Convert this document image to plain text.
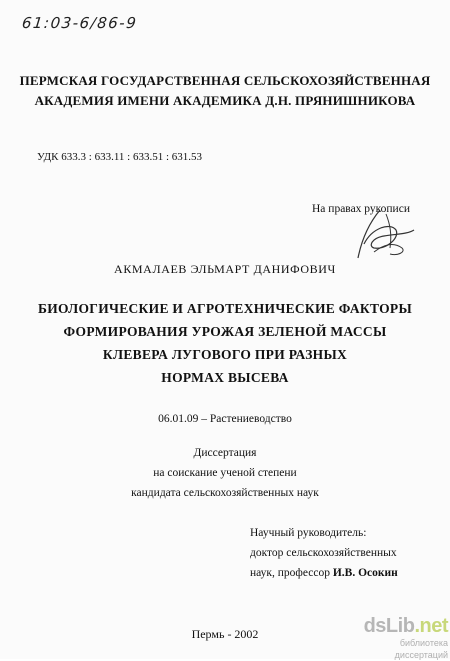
61:03-6/86-9
ПЕРМСКАЯ ГОСУДАРСТВЕННАЯ СЕЛЬСКОХОЗЯЙСТВЕННАЯ
АКАДЕМИЯ ИМЕНИ АКАДЕМИКА Д.Н. ПРЯНИШНИКОВА
УДК 633.3 : 633.11 : 633.51 : 631.53
На правах рукописи
АКМАЛАЕВ ЭЛЬМАРТ ДАНИФОВИЧ
БИОЛОГИЧЕСКИЕ И АГРОТЕХНИЧЕСКИЕ ФАКТОРЫ
ФОРМИРОВАНИЯ УРОЖАЯ ЗЕЛЕНОЙ МАССЫ
КЛЕВЕРА ЛУГОВОГО ПРИ РАЗНЫХ
НОРМАХ ВЫСЕВА
06.01.09 – Растениеводство
Диссертация
на соискание ученой степени
кандидата сельскохозяйственных наук
Научный руководитель:
доктор сельскохозяйственных
наук, профессор И.В. Осокин
Пермь - 2002	dsLib.net
библиотека диссертаций
